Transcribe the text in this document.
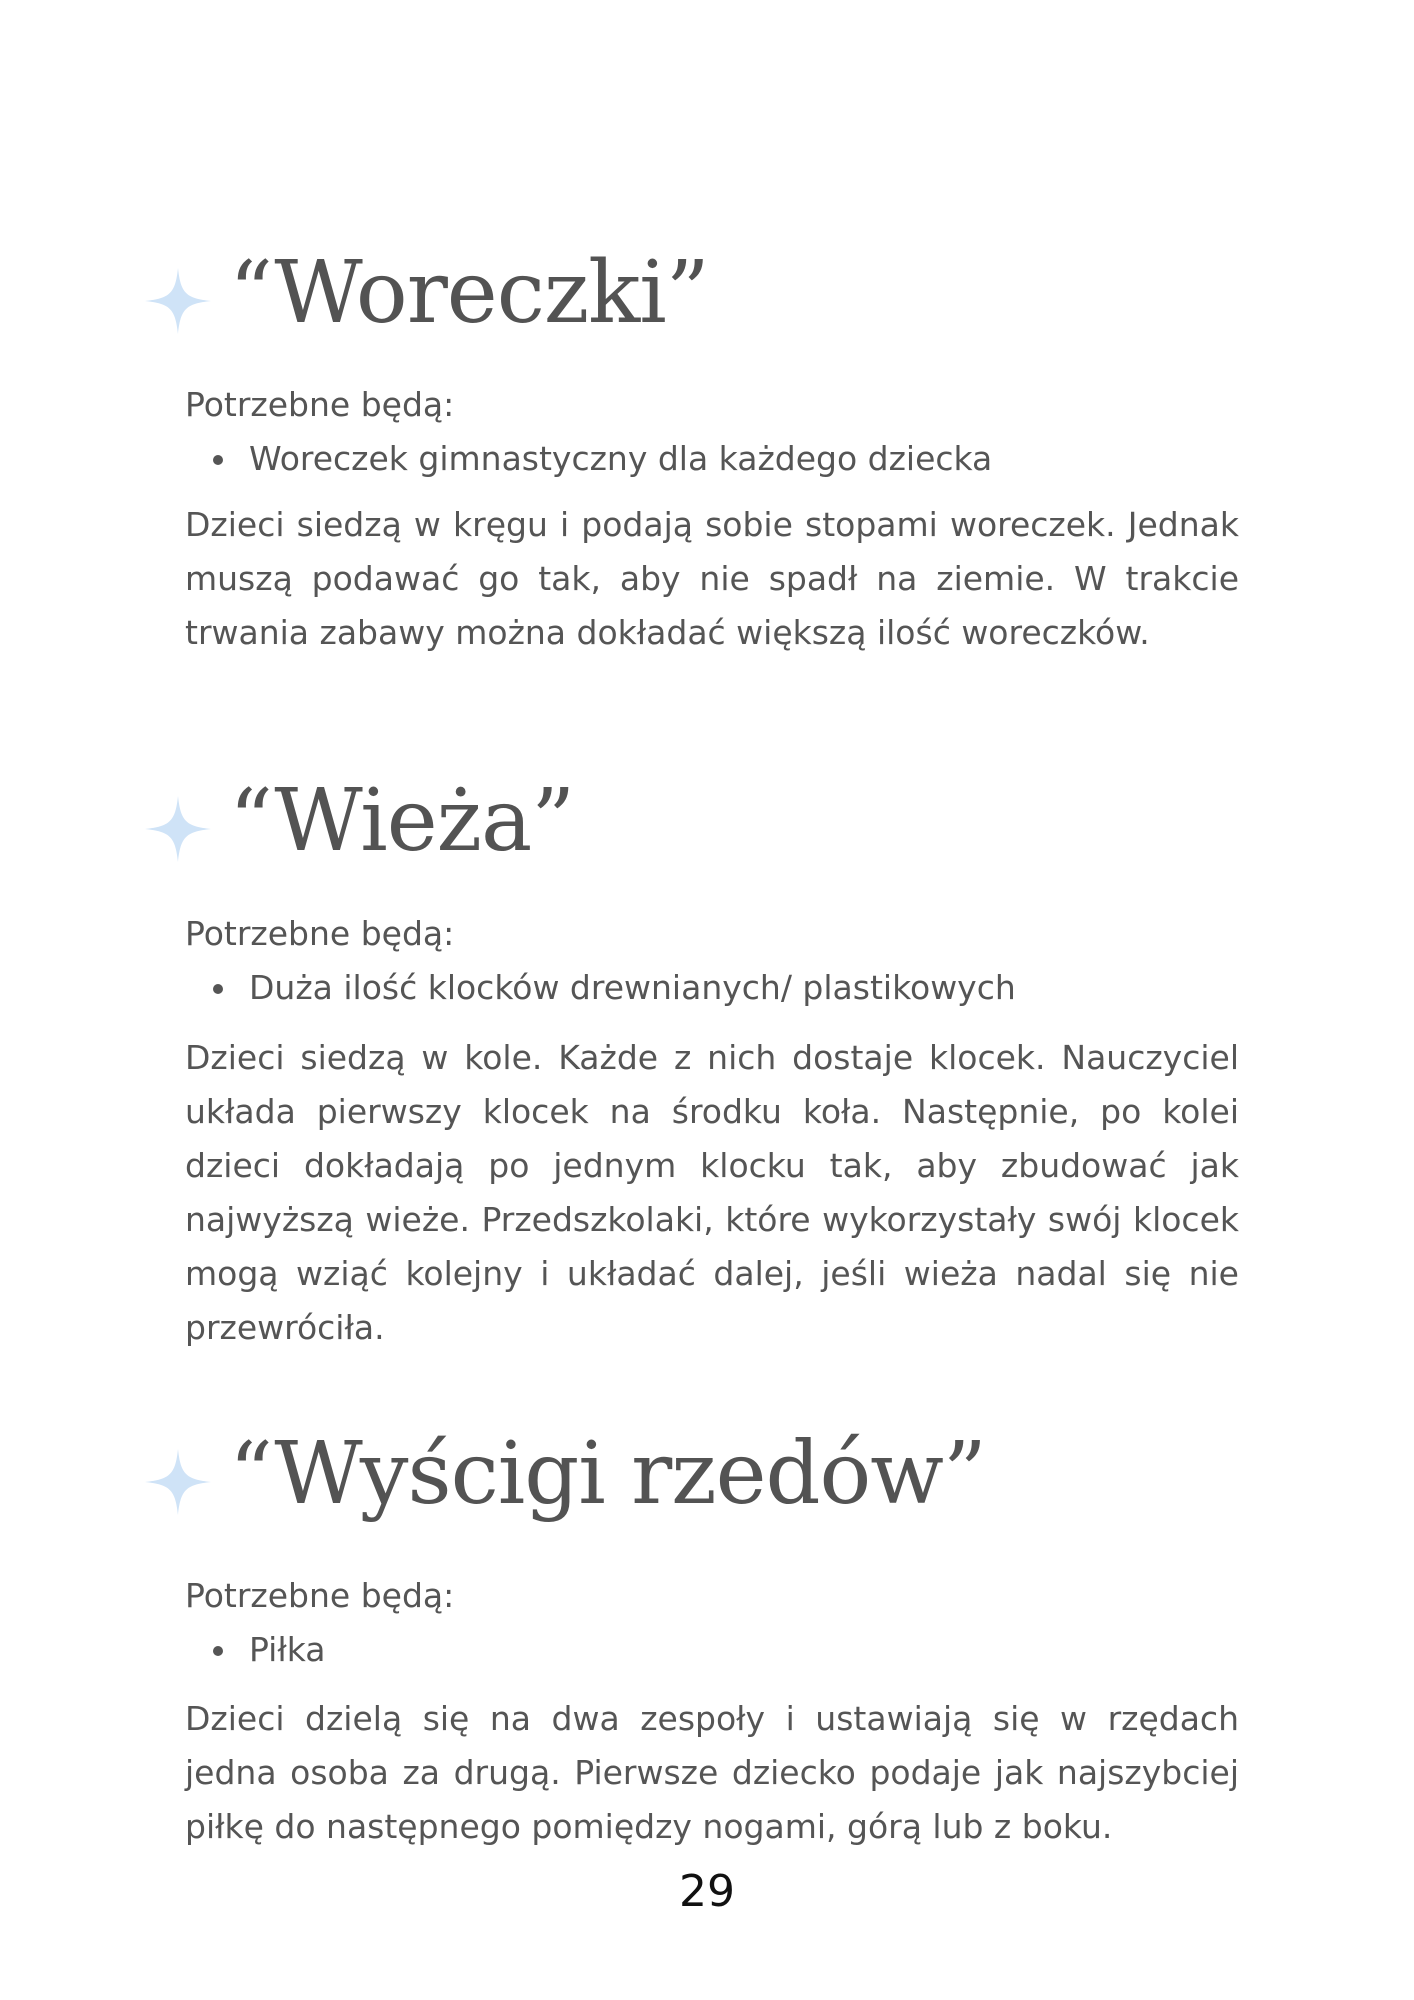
“Woreczki”
Potrzebne będą:
Woreczek gimnastyczny dla każdego dziecka

Dzieci siedzą w kręgu i podają sobie stopami woreczek. Jednak muszą podawać go tak, aby nie spadł na ziemie. W trakcie trwania zabawy można dokładać większą ilość woreczków.

“Wieża”
Potrzebne będą:
Duża ilość klocków drewnianych/ plastikowych

Dzieci siedzą w kole. Każde z nich dostaje klocek. Nauczyciel układa pierwszy klocek na środku koła. Następnie, po kolei dzieci dokładają po jednym klocku tak, aby zbudować jak najwyższą wieże. Przedszkolaki, które wykorzystały swój klocek mogą wziąć kolejny i układać dalej, jeśli wieża nadal się nie przewróciła.

“Wyścigi rzedów”
Potrzebne będą:
Piłka

Dzieci dzielą się na dwa zespoły i ustawiają się w rzędach jedna osoba za drugą. Pierwsze dziecko podaje jak najszybciej piłkę do następnego pomiędzy nogami, górą lub z boku.

29
